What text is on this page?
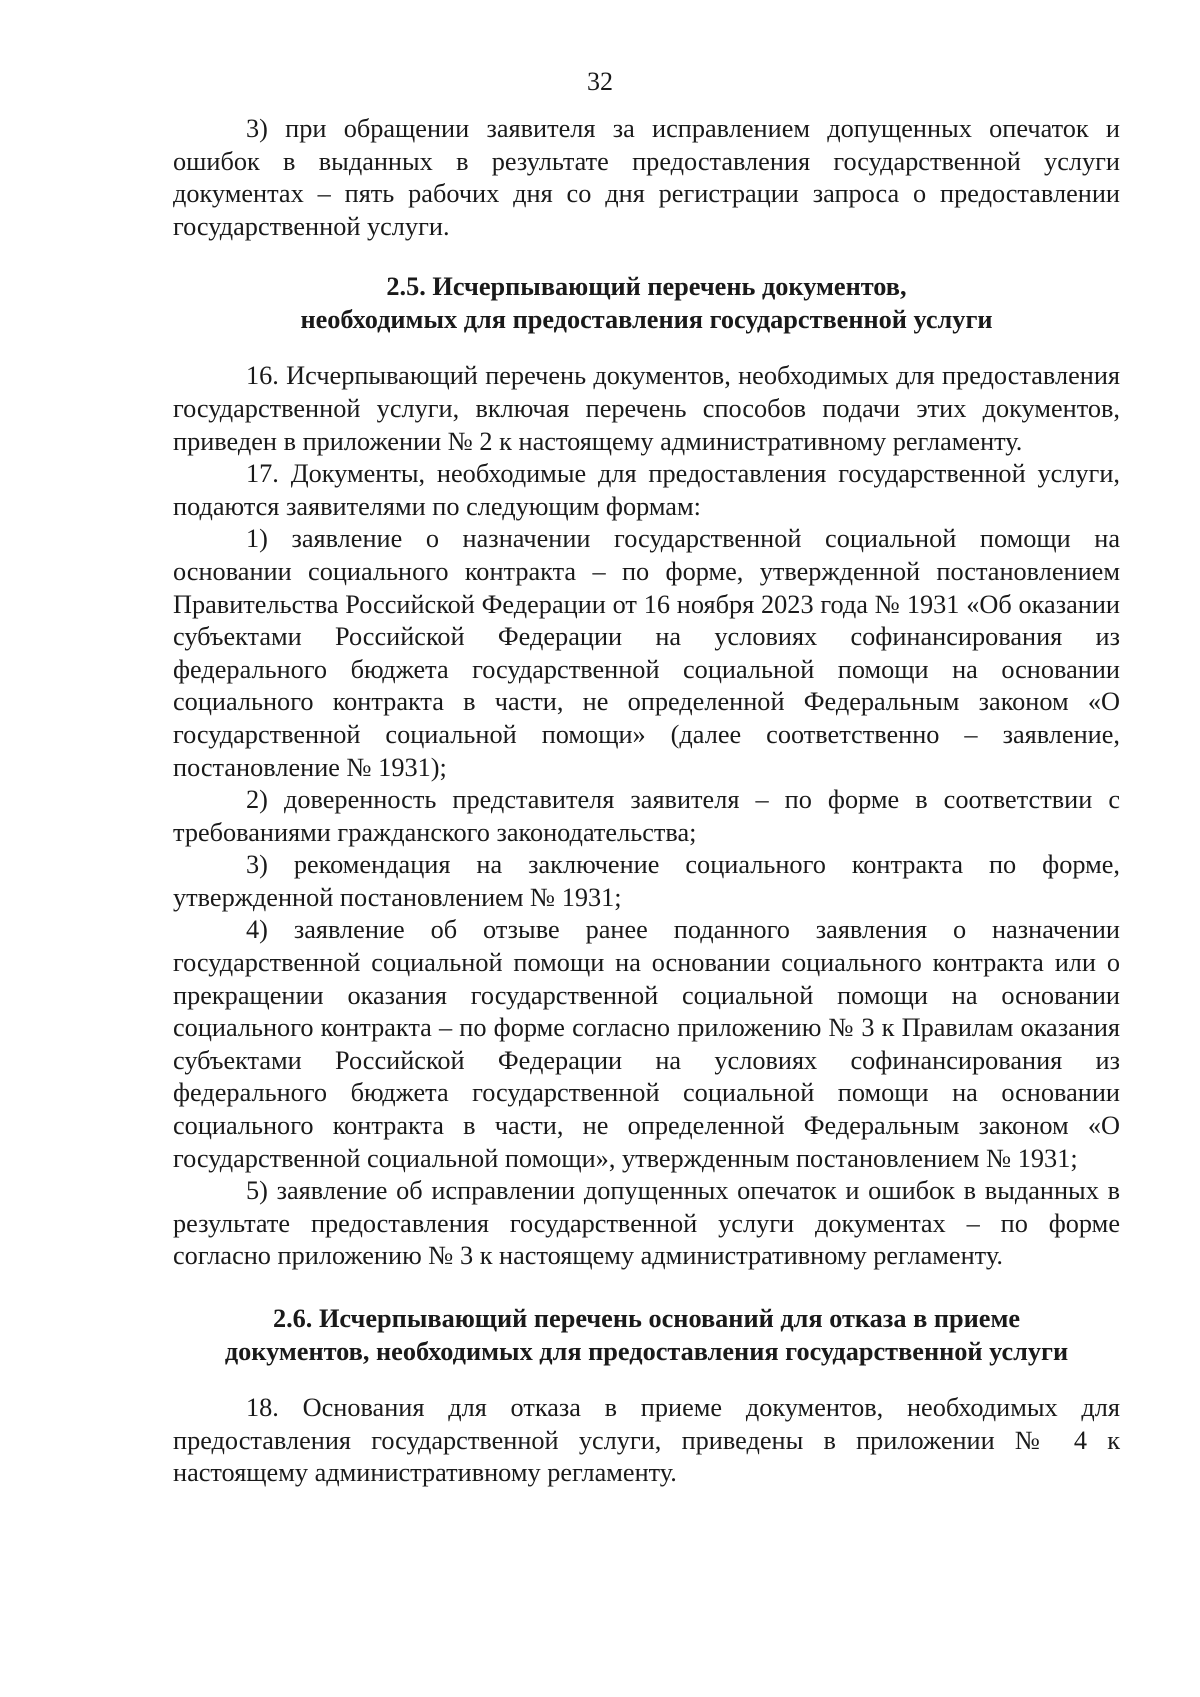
32

3) при обращении заявителя за исправлением допущенных опечаток и ошибок в выданных в результате предоставления государственной услуги документах – пять рабочих дня со дня регистрации запроса о предоставлении государственной услуги.

2.5. Исчерпывающий перечень документов,
необходимых для предоставления государственной услуги

16. Исчерпывающий перечень документов, необходимых для предоставления государственной услуги, включая перечень способов подачи этих документов, приведен в приложении № 2 к настоящему административному регламенту.

17. Документы, необходимые для предоставления государственной услуги, подаются заявителями по следующим формам:

1) заявление о назначении государственной социальной помощи на основании социального контракта – по форме, утвержденной постановлением Правительства Российской Федерации от 16 ноября 2023 года № 1931 «Об оказании субъектами Российской Федерации на условиях софинансирования из федерального бюджета государственной социальной помощи на основании социального контракта в части, не определенной Федеральным законом «О государственной социальной помощи» (далее соответственно – заявление, постановление № 1931);

2) доверенность представителя заявителя – по форме в соответствии с требованиями гражданского законодательства;

3) рекомендация на заключение социального контракта по форме, утвержденной постановлением № 1931;

4) заявление об отзыве ранее поданного заявления о назначении государственной социальной помощи на основании социального контракта или о прекращении оказания государственной социальной помощи на основании социального контракта – по форме согласно приложению № 3 к Правилам оказания субъектами Российской Федерации на условиях софинансирования из федерального бюджета государственной социальной помощи на основании социального контракта в части, не определенной Федеральным законом «О государственной социальной помощи», утвержденным постановлением № 1931;

5) заявление об исправлении допущенных опечаток и ошибок в выданных в результате предоставления государственной услуги документах – по форме согласно приложению № 3 к настоящему административному регламенту.

2.6. Исчерпывающий перечень оснований для отказа в приеме
документов, необходимых для предоставления государственной услуги

18. Основания для отказа в приеме документов, необходимых для предоставления государственной услуги, приведены в приложении № 4 к настоящему административному регламенту.
